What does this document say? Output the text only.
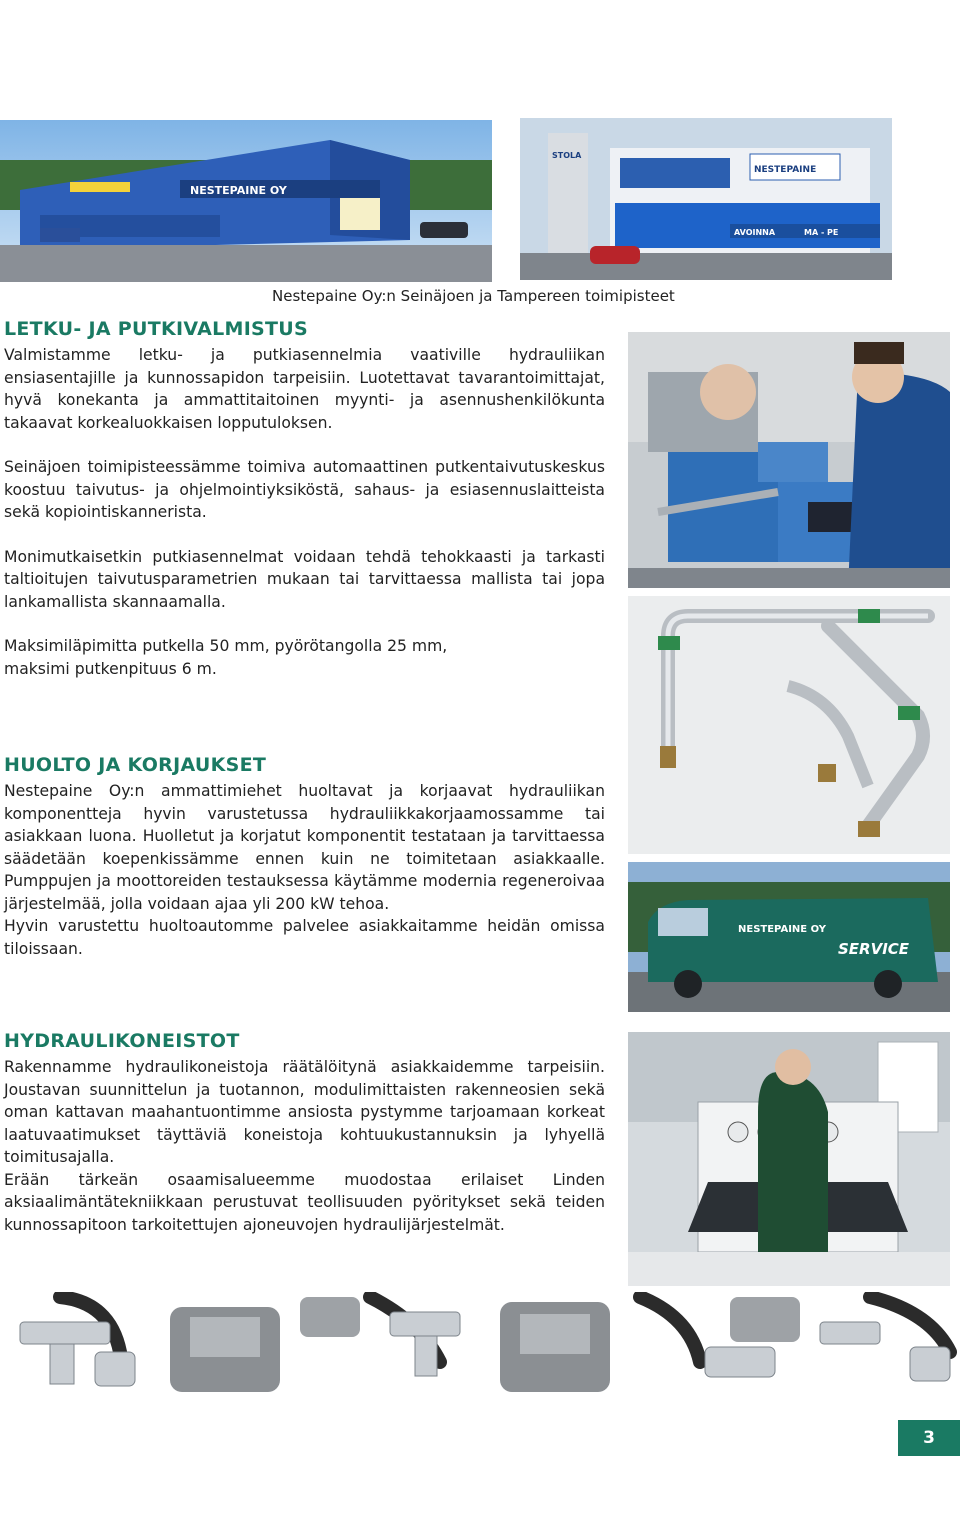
NESTEPAINE OY
STOLA
NESTEPAINE
AVOINNA	MA - PE
Nestepaine Oy:n Seinäjoen ja Tampereen toimipisteet
LETKU- JA PUTKIVALMISTUS

Valmistamme letku- ja putkiasennelmia vaativille hydrauliikan ensiasentajille ja kunnossapidon tarpeisiin. Luotettavat tavarantoimittajat, hyvä konekanta ja ammattitaitoinen myynti- ja asennushenkilökunta takaavat korkealuokkaisen lopputuloksen.

Seinäjoen toimipisteessämme toimiva automaattinen putkentaivutuskeskus koostuu taivutus- ja ohjelmointiyksiköstä, sahaus- ja esiasennuslaitteista sekä kopiointiskannerista.

Monimutkaisetkin putkiasennelmat voidaan tehdä tehokkaasti ja tarkasti taltioitujen taivutusparametrien mukaan tai tarvittaessa mallista tai jopa lankamallista skannaamalla.

Maksimiläpimitta putkella 50 mm, pyörötangolla 25 mm,
maksimi putkenpituus 6 m.

HUOLTO JA KORJAUKSET

Nestepaine Oy:n ammattimiehet huoltavat ja korjaavat hydrauliikan komponentteja hyvin varustetussa hydrauliikkakorjaamossamme tai asiakkaan luona. Huolletut ja korjatut komponentit testataan ja tarvittaessa säädetään koepenkissämme ennen kuin ne toimitetaan asiakkaalle. Pumppujen ja moottoreiden testauksessa käytämme modernia regeneroivaa järjestelmää, jolla voidaan ajaa yli 200 kW tehoa.

Hyvin varustettu huoltoautomme palvelee asiakkaitamme heidän omissa tiloissaan.

NESTEPAINE OY
SERVICE
HYDRAULIKONEISTOT

Rakennamme hydraulikoneistoja räätälöitynä asiakkaidemme tarpeisiin. Joustavan suunnittelun ja tuotannon, modulimittaisten rakenneosien sekä oman kattavan maahantuontimme ansiosta pystymme tarjoamaan korkeat laatuvaatimukset täyttäviä koneistoja kohtuukustannuksin ja lyhyellä toimitusajalla.

Erään tärkeän osaamisalueemme muodostaa erilaiset Linden aksiaalimäntätekniikkaan perustuvat teollisuuden pyöritykset sekä teiden kunnossapitoon tarkoitettujen ajoneuvojen hydraulijärjestelmät.

3
